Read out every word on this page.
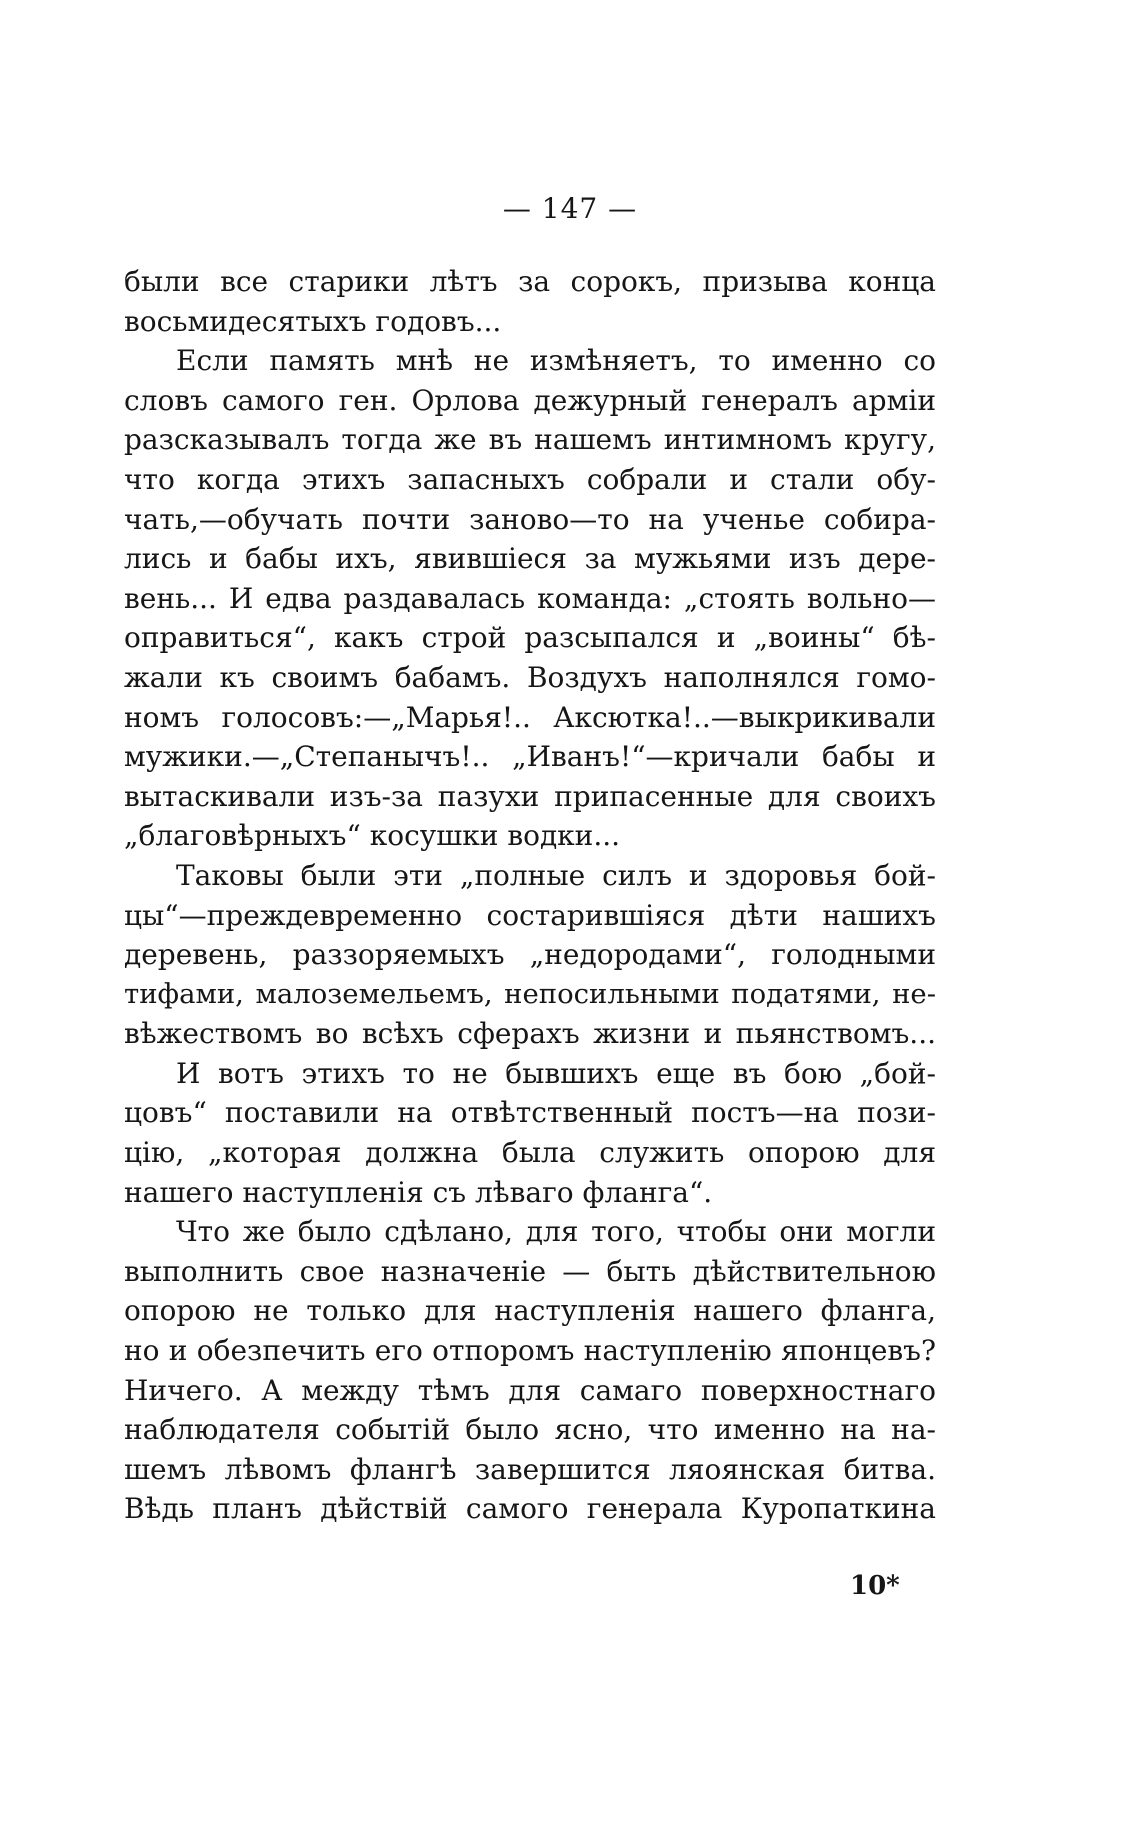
— 147 —
были все старики лѣтъ за сорокъ, призыва конца
восьмидесятыхъ годовъ...
Если память мнѣ не измѣняетъ, то именно со
словъ самого ген. Орлова дежурный генералъ арміи
разсказывалъ тогда же въ нашемъ интимномъ кругу,
что когда этихъ запасныхъ собрали и стали обу-
чать,—обучать почти заново—то на ученье собира-
лись и бабы ихъ, явившіеся за мужьями изъ дере-
вень... И едва раздавалась команда: „стоять вольно—
оправиться“, какъ строй разсыпался и „воины“ бѣ-
жали къ своимъ бабамъ. Воздухъ наполнялся гомо-
номъ голосовъ:—„Марья!.. Аксютка!..—выкрикивали
мужики.—„Степанычъ!.. „Иванъ!“—кричали бабы и
вытаскивали изъ-за пазухи припасенные для своихъ
„благовѣрныхъ“ косушки водки...
Таковы были эти „полные силъ и здоровья бой-
цы“—преждевременно состарившіяся дѣти нашихъ
деревень, раззоряемыхъ „недородами“, голодными
тифами, малоземельемъ, непосильными податями, не-
вѣжествомъ во всѣхъ сферахъ жизни и пьянствомъ...
И вотъ этихъ то не бывшихъ еще въ бою „бой-
цовъ“ поставили на отвѣтственный постъ—на пози-
цію, „которая должна была служить опорою для
нашего наступленія съ лѣваго фланга“.
Что же было сдѣлано, для того, чтобы они могли
выполнить свое назначеніе — быть дѣйствительною
опорою не только для наступленія нашего фланга,
но и обезпечить его отпоромъ наступленію японцевъ?
Ничего. А между тѣмъ для самаго поверхностнаго
наблюдателя событій было ясно, что именно на на-
шемъ лѣвомъ флангѣ завершится ляоянская битва.
Вѣдь планъ дѣйствій самого генерала Куропаткина
10*
